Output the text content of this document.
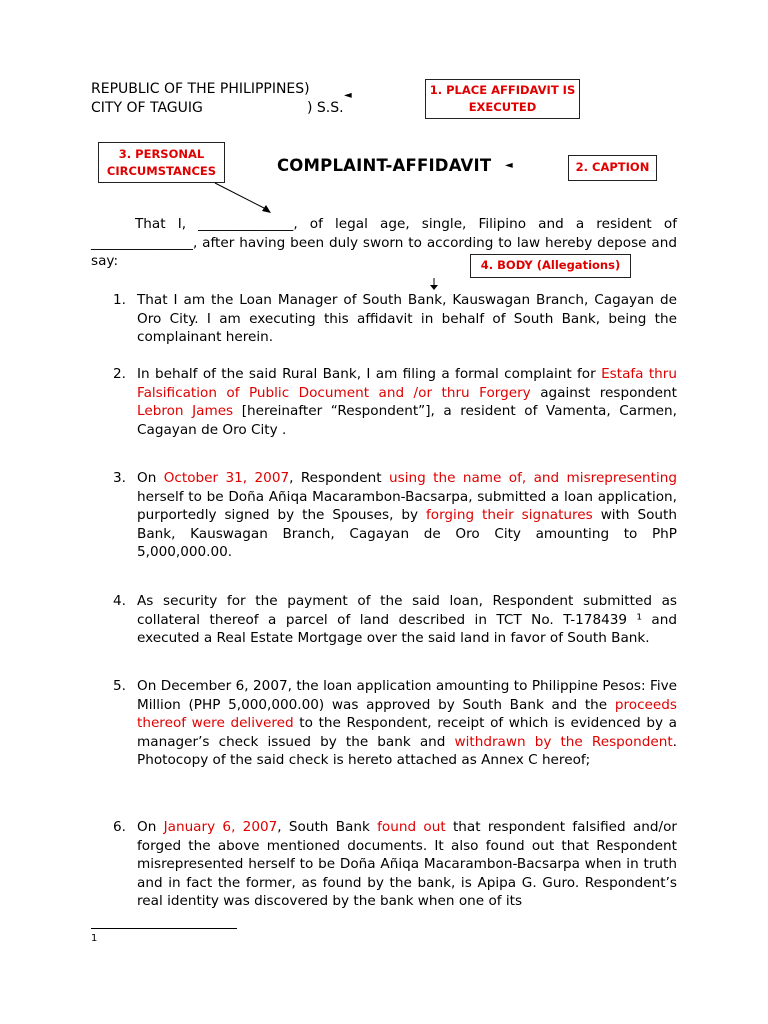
REPUBLIC OF THE PHILIPPINES)
CITY OF TAGUIG	) S.S.
◄	1. PLACE AFFIDAVIT IS EXECUTED
3. PERSONAL CIRCUMSTANCES	2. CAPTION
4. BODY (Allegations)
COMPLAINT-AFFIDAVIT ◄

That I, ______________, of legal age, single, Filipino and a resident of _______________, after having been duly sworn to according to law hereby depose and say:

1. That I am the Loan Manager of South Bank, Kauswagan Branch, Cagayan de Oro City. I am executing this affidavit in behalf of South Bank, being the complainant herein.

2. In behalf of the said Rural Bank, I am filing a formal complaint for Estafa thru Falsification of Public Document and /or thru Forgery against respondent Lebron James [hereinafter “Respondent”], a resident of Vamenta, Carmen, Cagayan de Oro City .

3. On October 31, 2007, Respondent using the name of, and misrepresenting herself to be Doña Añiqa Macarambon-Bacsarpa, submitted a loan application, purportedly signed by the Spouses, by forging their signatures with South Bank, Kauswagan Branch, Cagayan de Oro City amounting to PhP 5,000,000.00.

4. As security for the payment of the said loan, Respondent submitted as collateral thereof a parcel of land described in TCT No. T-178439 ¹ and executed a Real Estate Mortgage over the said land in favor of South Bank.

5. On December 6, 2007, the loan application amounting to Philippine Pesos: Five Million (PHP 5,000,000.00) was approved by South Bank and the proceeds thereof were delivered to the Respondent, receipt of which is evidenced by a manager’s check issued by the bank and withdrawn by the Respondent. Photocopy of the said check is hereto attached as Annex C hereof;

6. On January 6, 2007, South Bank found out that respondent falsified and/or forged the above mentioned documents. It also found out that Respondent misrepresented herself to be Doña Añiqa Macarambon-Bacsarpa when in truth and in fact the former, as found by the bank, is Apipa G. Guro. Respondent’s real identity was discovered by the bank when one of its

1
